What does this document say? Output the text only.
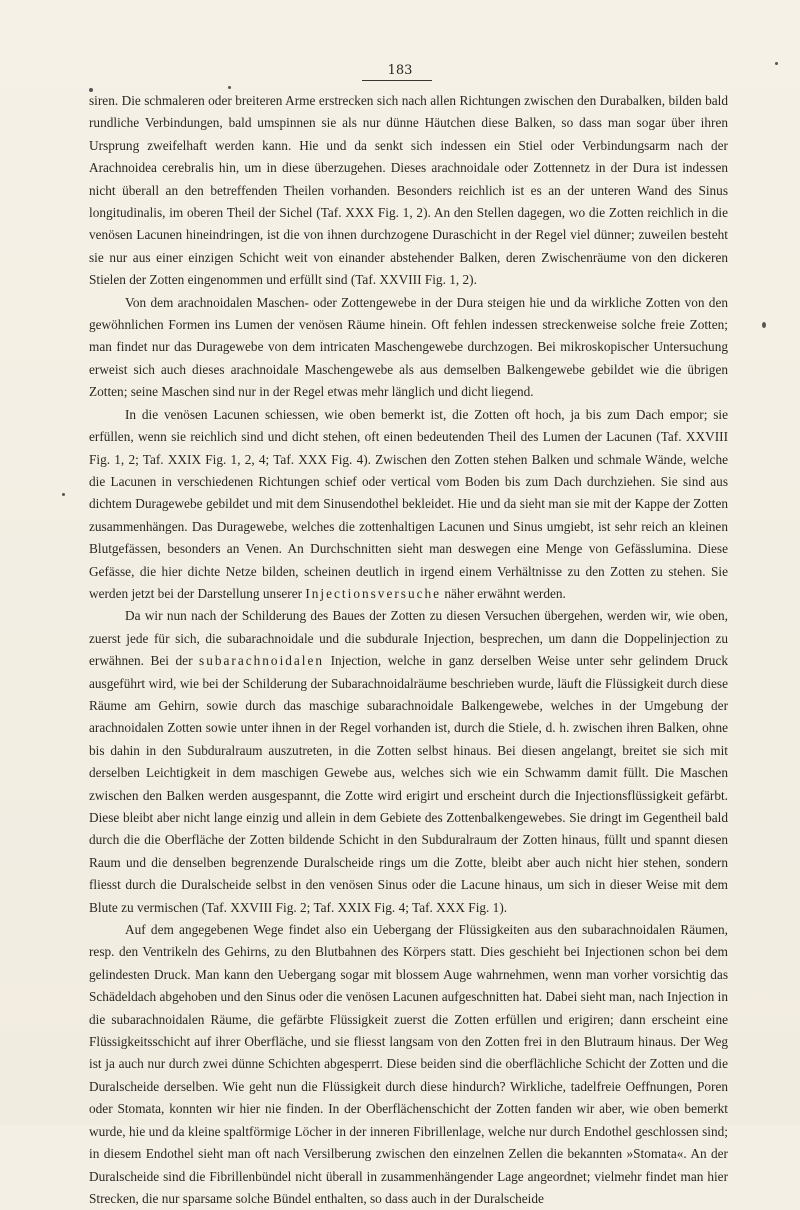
183

siren. Die schmaleren oder breiteren Arme erstrecken sich nach allen Richtungen zwischen den Durabalken, bilden bald rundliche Verbindungen, bald umspinnen sie als nur dünne Häutchen diese Balken, so dass man sogar über ihren Ursprung zweifelhaft werden kann. Hie und da senkt sich indessen ein Stiel oder Verbindungsarm nach der Arachnoidea cerebralis hin, um in diese überzugehen. Dieses arachnoidale oder Zottennetz in der Dura ist indessen nicht überall an den betreffenden Theilen vorhanden. Besonders reichlich ist es an der unteren Wand des Sinus longitudinalis, im oberen Theil der Sichel (Taf. XXX Fig. 1, 2). An den Stellen dagegen, wo die Zotten reichlich in die venösen Lacunen hineindringen, ist die von ihnen durchzogene Duraschicht in der Regel viel dünner; zuweilen besteht sie nur aus einer einzigen Schicht weit von einander abstehender Balken, deren Zwischenräume von den dickeren Stielen der Zotten eingenommen und erfüllt sind (Taf. XXVIII Fig. 1, 2).

Von dem arachnoidalen Maschen- oder Zottengewebe in der Dura steigen hie und da wirkliche Zotten von den gewöhnlichen Formen ins Lumen der venösen Räume hinein. Oft fehlen indessen streckenweise solche freie Zotten; man findet nur das Duragewebe von dem intricaten Maschengewebe durchzogen. Bei mikroskopischer Untersuchung erweist sich auch dieses arachnoidale Maschengewebe als aus demselben Balkengewebe gebildet wie die übrigen Zotten; seine Maschen sind nur in der Regel etwas mehr länglich und dicht liegend.

In die venösen Lacunen schiessen, wie oben bemerkt ist, die Zotten oft hoch, ja bis zum Dach empor; sie erfüllen, wenn sie reichlich sind und dicht stehen, oft einen bedeutenden Theil des Lumen der Lacunen (Taf. XXVIII Fig. 1, 2; Taf. XXIX Fig. 1, 2, 4; Taf. XXX Fig. 4). Zwischen den Zotten stehen Balken und schmale Wände, welche die Lacunen in verschiedenen Richtungen schief oder vertical vom Boden bis zum Dach durchziehen. Sie sind aus dichtem Duragewebe gebildet und mit dem Sinusendothel bekleidet. Hie und da sieht man sie mit der Kappe der Zotten zusammenhängen. Das Duragewebe, welches die zottenhaltigen Lacunen und Sinus umgiebt, ist sehr reich an kleinen Blutgefässen, besonders an Venen. An Durchschnitten sieht man deswegen eine Menge von Gefässlumina. Diese Gefässe, die hier dichte Netze bilden, scheinen deutlich in irgend einem Verhältnisse zu den Zotten zu stehen. Sie werden jetzt bei der Darstellung unserer Injectionsversuche näher erwähnt werden.

Da wir nun nach der Schilderung des Baues der Zotten zu diesen Versuchen übergehen, werden wir, wie oben, zuerst jede für sich, die subarachnoidale und die subdurale Injection, besprechen, um dann die Doppelinjection zu erwähnen. Bei der subarachnoidalen Injection, welche in ganz derselben Weise unter sehr gelindem Druck ausgeführt wird, wie bei der Schilderung der Subarachnoidalräume beschrieben wurde, läuft die Flüssigkeit durch diese Räume am Gehirn, sowie durch das maschige subarachnoidale Balkengewebe, welches in der Umgebung der arachnoidalen Zotten sowie unter ihnen in der Regel vorhanden ist, durch die Stiele, d. h. zwischen ihren Balken, ohne bis dahin in den Subduralraum auszutreten, in die Zotten selbst hinaus. Bei diesen angelangt, breitet sie sich mit derselben Leichtigkeit in dem maschigen Gewebe aus, welches sich wie ein Schwamm damit füllt. Die Maschen zwischen den Balken werden ausgespannt, die Zotte wird erigirt und erscheint durch die Injectionsflüssigkeit gefärbt. Diese bleibt aber nicht lange einzig und allein in dem Gebiete des Zottenbalkengewebes. Sie dringt im Gegentheil bald durch die die Oberfläche der Zotten bildende Schicht in den Subduralraum der Zotten hinaus, füllt und spannt diesen Raum und die denselben begrenzende Duralscheide rings um die Zotte, bleibt aber auch nicht hier stehen, sondern fliesst durch die Duralscheide selbst in den venösen Sinus oder die Lacune hinaus, um sich in dieser Weise mit dem Blute zu vermischen (Taf. XXVIII Fig. 2; Taf. XXIX Fig. 4; Taf. XXX Fig. 1).

Auf dem angegebenen Wege findet also ein Uebergang der Flüssigkeiten aus den subarachnoidalen Räumen, resp. den Ventrikeln des Gehirns, zu den Blutbahnen des Körpers statt. Dies geschieht bei Injectionen schon bei dem gelindesten Druck. Man kann den Uebergang sogar mit blossem Auge wahrnehmen, wenn man vorher vorsichtig das Schädeldach abgehoben und den Sinus oder die venösen Lacunen aufgeschnitten hat. Dabei sieht man, nach Injection in die subarachnoidalen Räume, die gefärbte Flüssigkeit zuerst die Zotten erfüllen und erigiren; dann erscheint eine Flüssigkeitsschicht auf ihrer Oberfläche, und sie fliesst langsam von den Zotten frei in den Blutraum hinaus. Der Weg ist ja auch nur durch zwei dünne Schichten abgesperrt. Diese beiden sind die oberflächliche Schicht der Zotten und die Duralscheide derselben. Wie geht nun die Flüssigkeit durch diese hindurch? Wirkliche, tadelfreie Oeffnungen, Poren oder Stomata, konnten wir hier nie finden. In der Oberflächenschicht der Zotten fanden wir aber, wie oben bemerkt wurde, hie und da kleine spaltförmige Löcher in der inneren Fibrillenlage, welche nur durch Endothel geschlossen sind; in diesem Endothel sieht man oft nach Versilberung zwischen den einzelnen Zellen die bekannten »Stomata«. An der Duralscheide sind die Fibrillenbündel nicht überall in zusammenhängender Lage angeordnet; vielmehr findet man hier Strecken, die nur sparsame solche Bündel enthalten, so dass auch in der Duralscheide
